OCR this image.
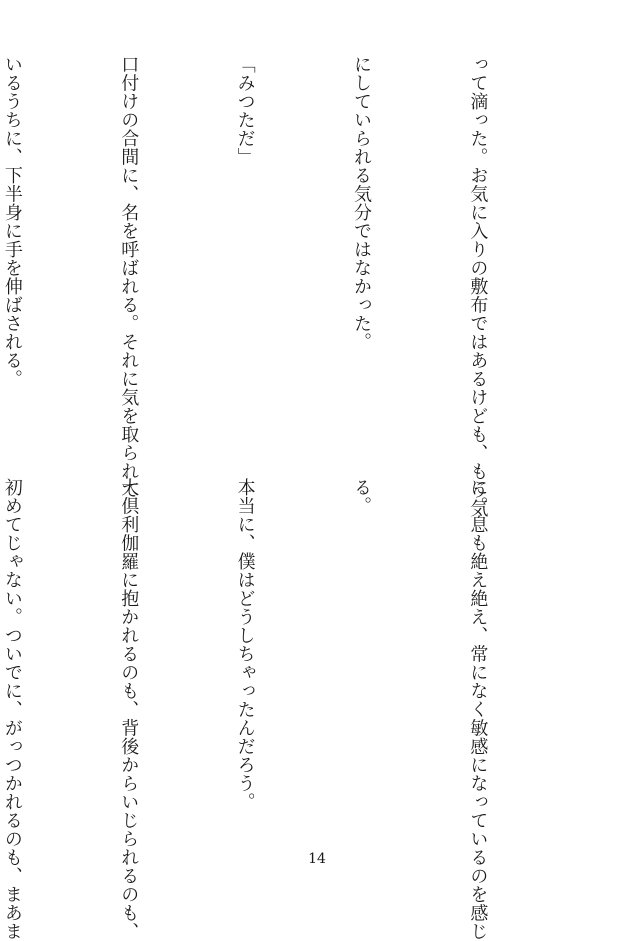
って滴った。お気に入りの敷布ではあるけども、もう気

にしていられる気分ではなかった。

「みつただ」

口付けの合間に、名を呼ばれる。それに気を取られて

いるうちに、下半身に手を伸ばされる。

に。息も絶え絶え、常になく敏感になっているのを感じ

る。

本当に、僕はどうしちゃったんだろう。

大倶利伽羅に抱かれるのも、背後からいじられるのも、

初めてじゃない。ついでに、がっつかれるのも、まあま

	14
